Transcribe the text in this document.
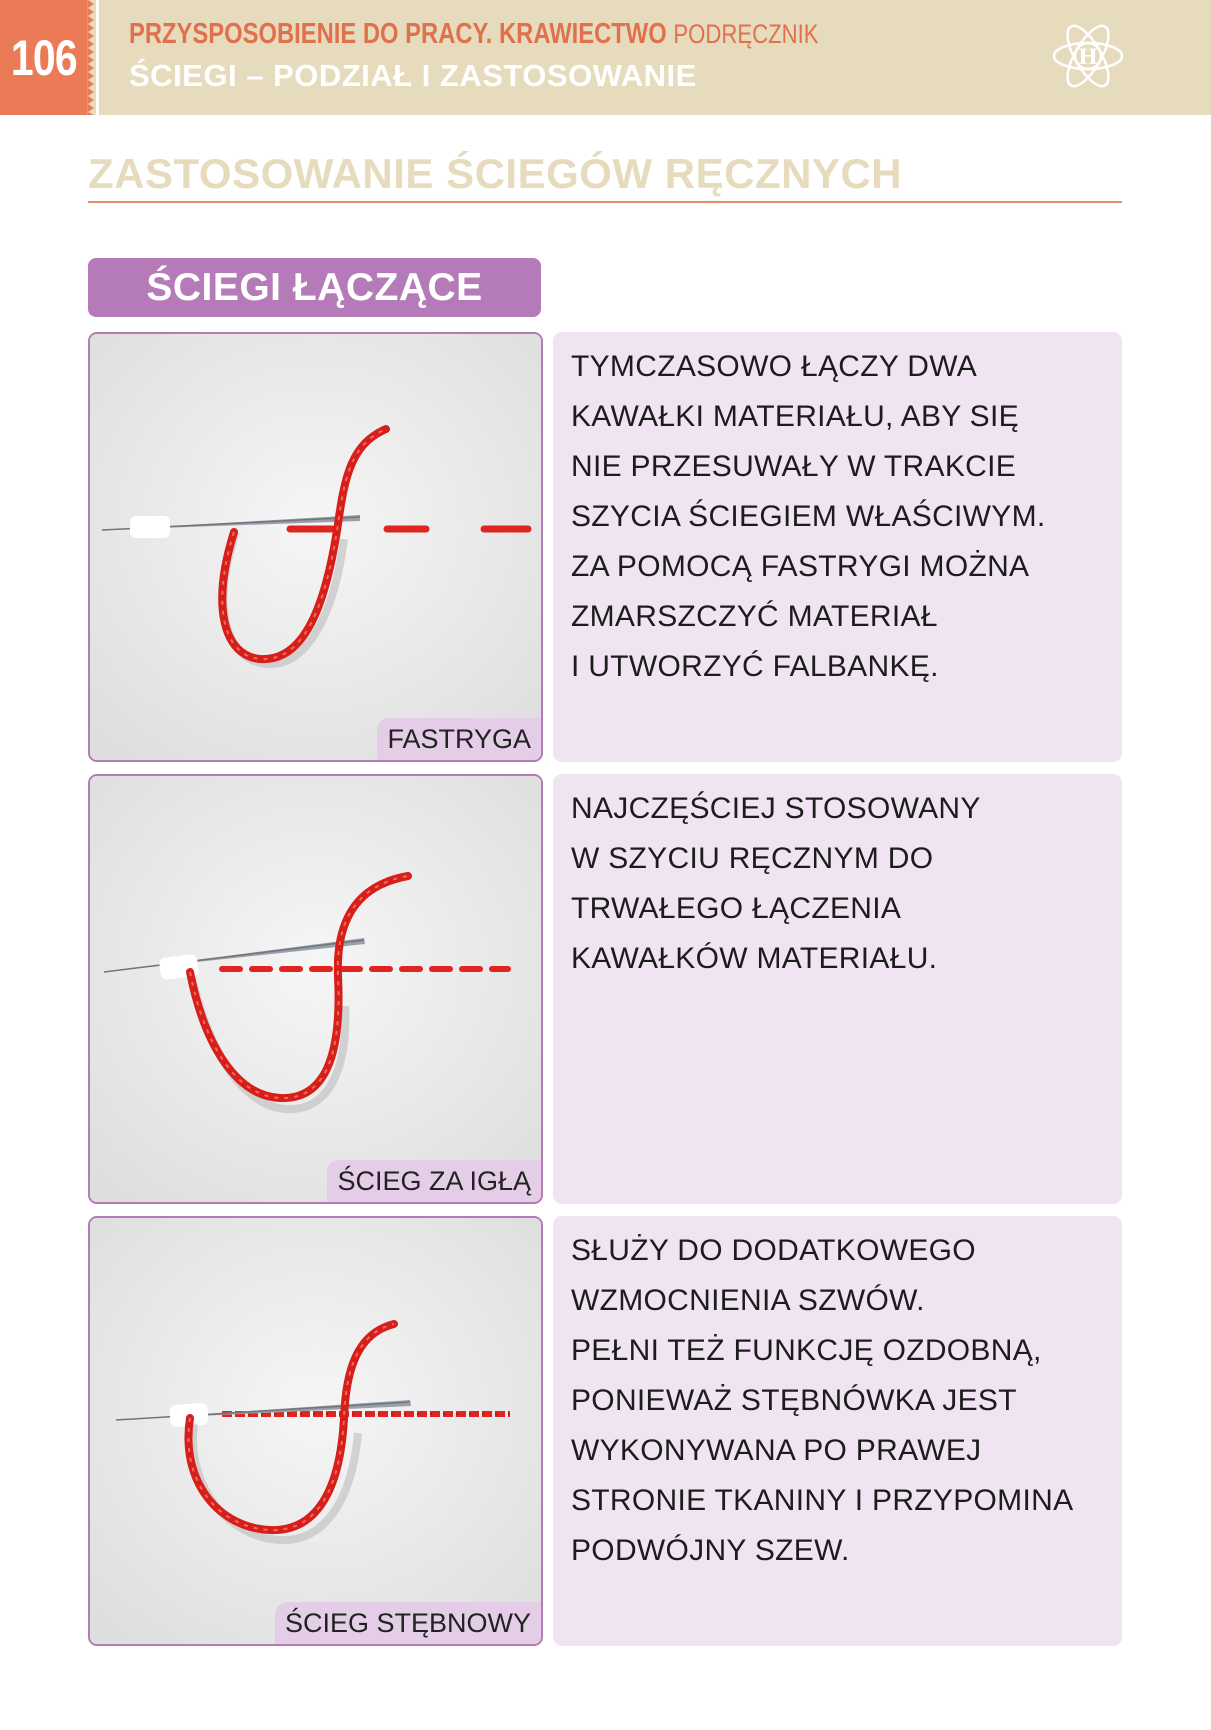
106	PRZYSPOSOBIENIE DO PRACY. KRAWIECTWO PODRĘCZNIK
ŚCIEGI – PODZIAŁ I ZASTOSOWANIE
H
ZASTOSOWANIE ŚCIEGÓW RĘCZNYCH
ŚCIEGI ŁĄCZĄCE
FASTRYGA

TYMCZASOWO ŁĄCZY DWA
KAWAŁKI MATERIAŁU, ABY SIĘ
NIE PRZESUWAŁY W TRAKCIE
SZYCIA ŚCIEGIEM WŁAŚCIWYM.
ZA POMOCĄ FASTRYGI MOŻNA
ZMARSZCZYĆ MATERIAŁ
I UTWORZYĆ FALBANKĘ.

ŚCIEG ZA IGŁĄ

NAJCZĘŚCIEJ STOSOWANY
W SZYCIU RĘCZNYM DO
TRWAŁEGO ŁĄCZENIA
KAWAŁKÓW MATERIAŁU.

ŚCIEG STĘBNOWY

SŁUŻY DO DODATKOWEGO
WZMOCNIENIA SZWÓW.
PEŁNI TEŻ FUNKCJĘ OZDOBNĄ,
PONIEWAŻ STĘBNÓWKA JEST
WYKONYWANA PO PRAWEJ
STRONIE TKANINY I PRZYPOMINA
PODWÓJNY SZEW.
